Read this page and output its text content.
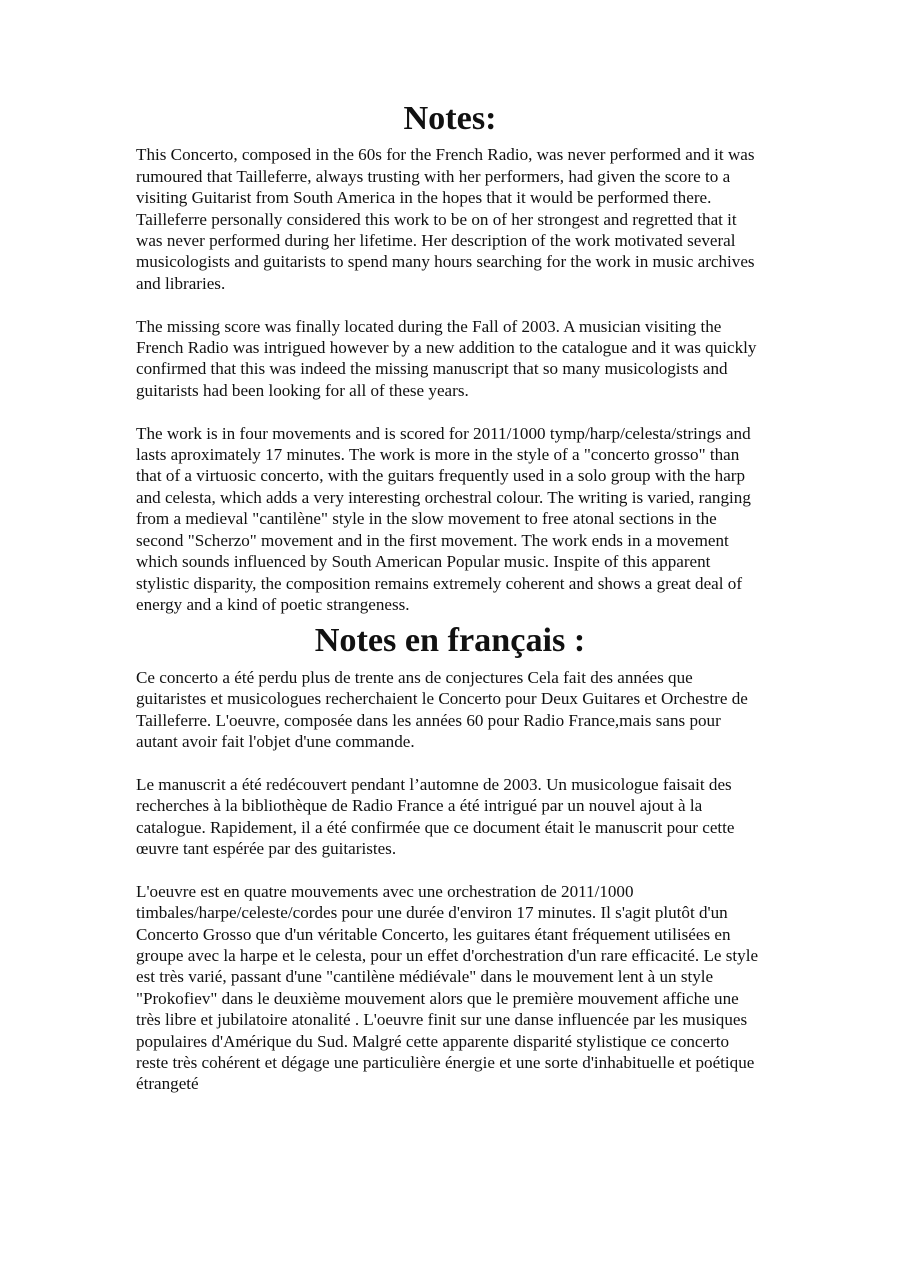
Notes:

This Concerto, composed in the 60s for the French Radio, was never performed and it was rumoured that Tailleferre, always trusting with her performers, had given the score to a visiting Guitarist from South America in the hopes that it would be performed there. Tailleferre personally considered this work to be on of her strongest and regretted that it was never performed during her lifetime. Her description of the work motivated several musicologists and guitarists to spend many hours searching for the work in music archives and libraries.

The missing score was finally located during the Fall of 2003. A musician visiting the French Radio was intrigued however by a new addition to the catalogue and it was quickly confirmed that this was indeed the missing manuscript that so many musicologists and guitarists had been looking for all of these years.

The work is in four movements and is scored for 2011/1000 tymp/harp/celesta/strings and lasts aproximately 17 minutes. The work is more in the style of a "concerto grosso" than that of a virtuosic concerto, with the guitars frequently used in a solo group with the harp and celesta, which adds a very interesting orchestral colour. The writing is varied, ranging from a medieval "cantilène" style in the slow movement to free atonal sections in the second "Scherzo" movement and in the first movement. The work ends in a movement which sounds influenced by South American Popular music. Inspite of this apparent stylistic disparity, the composition remains extremely coherent and shows a great deal of energy and a kind of poetic strangeness.

Notes en français :

Ce concerto a été perdu plus de trente ans de conjectures Cela fait des années que guitaristes et musicologues recherchaient le Concerto pour Deux Guitares et Orchestre de Tailleferre. L'oeuvre, composée dans les années 60 pour Radio France,mais sans pour autant avoir fait l'objet d'une commande.

Le manuscrit a été redécouvert pendant l’automne de 2003. Un musicologue faisait des recherches à la bibliothèque de Radio France a été intrigué par un nouvel ajout à la catalogue. Rapidement, il a été confirmée que ce document était le manuscrit pour cette œuvre tant espérée par des guitaristes.

L'oeuvre est en quatre mouvements avec une orchestration de 2011/1000 timbales/harpe/celeste/cordes pour une durée d'environ 17 minutes. Il s'agit plutôt d'un Concerto Grosso que d'un véritable Concerto, les guitares étant fréquement utilisées en groupe avec la harpe et le celesta, pour un effet d'orchestration d'un rare efficacité. Le style est très varié, passant d'une "cantilène médiévale" dans le mouvement lent à un style "Prokofiev" dans le deuxième mouvement alors que le première mouvement affiche une très libre et jubilatoire atonalité . L'oeuvre finit sur une danse influencée par les musiques populaires d'Amérique du Sud. Malgré cette apparente disparité stylistique ce concerto reste très cohérent et dégage une particulière énergie et une sorte d'inhabituelle et poétique étrangeté
